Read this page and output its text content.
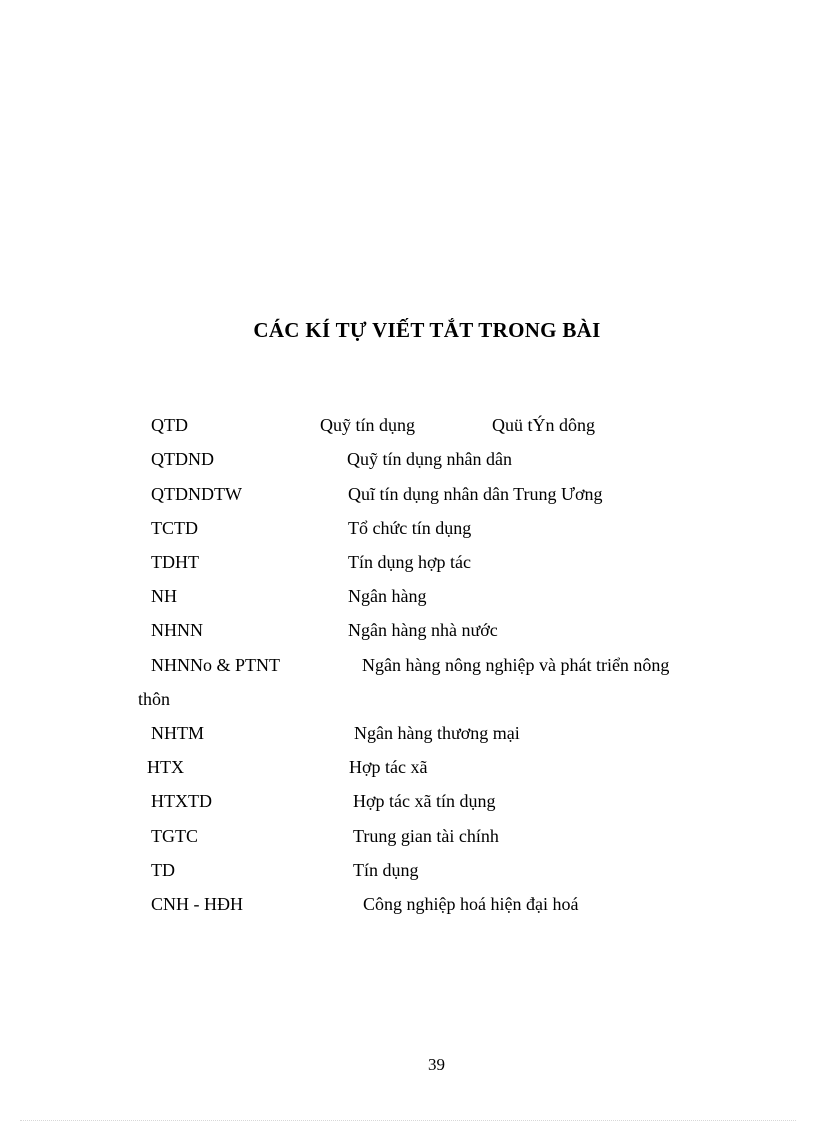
CÁC KÍ TỰ VIẾT TẮT TRONG BÀI
QTD	Quỹ tín dụng	Quü tÝn dông
QTDND	Quỹ tín dụng nhân dân
QTDNDTW	Quĩ tín dụng nhân dân Trung Ương
TCTD	Tổ chức tín dụng
TDHT	Tín dụng hợp tác
NH	Ngân hàng
NHNN	Ngân hàng nhà nước
NHNNo & PTNT	Ngân hàng nông nghiệp và phát triển nông
thôn
NHTM	Ngân hàng thương mại
HTX	Hợp tác xã
HTXTD	Hợp tác xã tín dụng
TGTC	Trung gian tài chính
TD	Tín dụng
CNH - HĐH	Công nghiệp hoá hiện đại hoá
39
